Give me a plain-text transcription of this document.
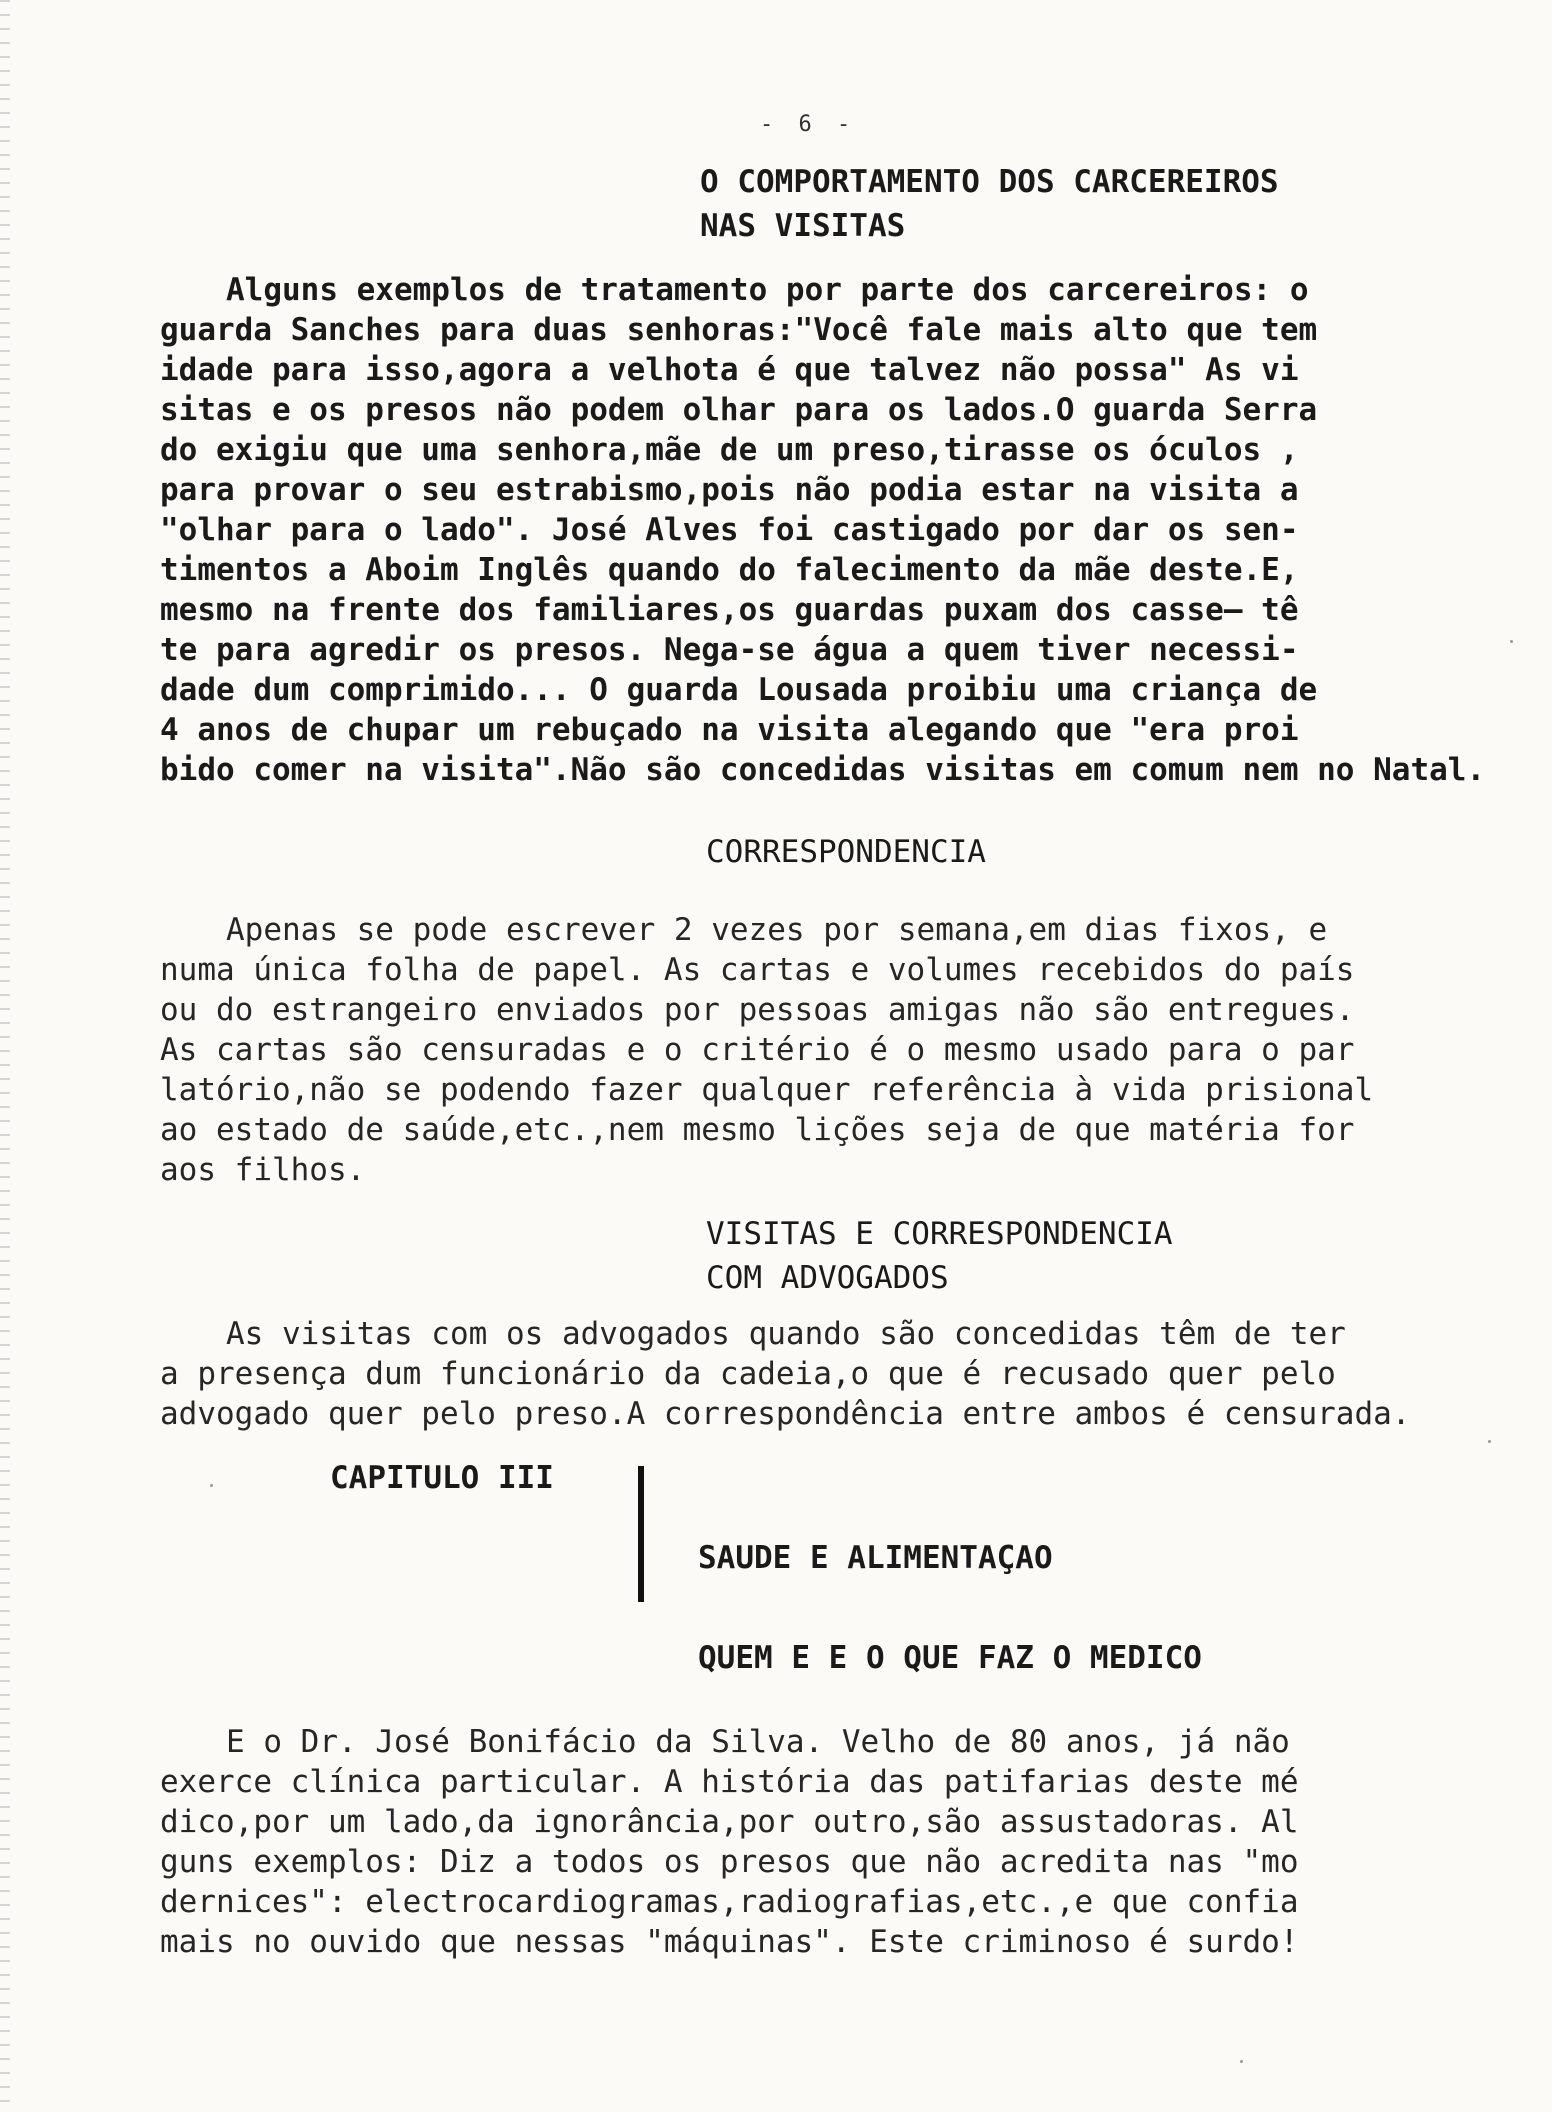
- 6 -
O COMPORTAMENTO DOS CARCEREIROS
NAS VISITAS
Alguns exemplos de tratamento por parte dos carcereiros: o
guarda Sanches para duas senhoras:"Você fale mais alto que tem
idade para isso,agora a velhota é que talvez não possa" As vi
sitas e os presos não podem olhar para os lados.O guarda Serra
do exigiu que uma senhora,mãe de um preso,tirasse os óculos ,
para provar o seu estrabismo,pois não podia estar na visita a
"olhar para o lado". José Alves foi castigado por dar os sen-
timentos a Aboim Inglês quando do falecimento da mãe deste.E,
mesmo na frente dos familiares,os guardas puxam dos casse— tê
te para agredir os presos. Nega-se água a quem tiver necessi-
dade dum comprimido... O guarda Lousada proibiu uma criança de
4 anos de chupar um rebuçado na visita alegando que "era proi
bido comer na visita".Não são concedidas visitas em comum nem no Natal.
CORRESPONDENCIA
Apenas se pode escrever 2 vezes por semana,em dias fixos, e
numa única folha de papel. As cartas e volumes recebidos do país
ou do estrangeiro enviados por pessoas amigas não são entregues.
As cartas são censuradas e o critério é o mesmo usado para o par
latório,não se podendo fazer qualquer referência à vida prisional
ao estado de saúde,etc.,nem mesmo lições seja de que matéria for
aos filhos.
VISITAS E CORRESPONDENCIA
COM ADVOGADOS
As visitas com os advogados quando são concedidas têm de ter
a presença dum funcionário da cadeia,o que é recusado quer pelo
advogado quer pelo preso.A correspondência entre ambos é censurada.
CAPITULO III
SAUDE E ALIMENTAÇAO
QUEM E E O QUE FAZ O MEDICO
E o Dr. José Bonifácio da Silva. Velho de 80 anos, já não
exerce clínica particular. A história das patifarias deste mé
dico,por um lado,da ignorância,por outro,são assustadoras. Al
guns exemplos: Diz a todos os presos que não acredita nas "mo
dernices": electrocardiogramas,radiografias,etc.,e que confia
mais no ouvido que nessas "máquinas". Este criminoso é surdo!
